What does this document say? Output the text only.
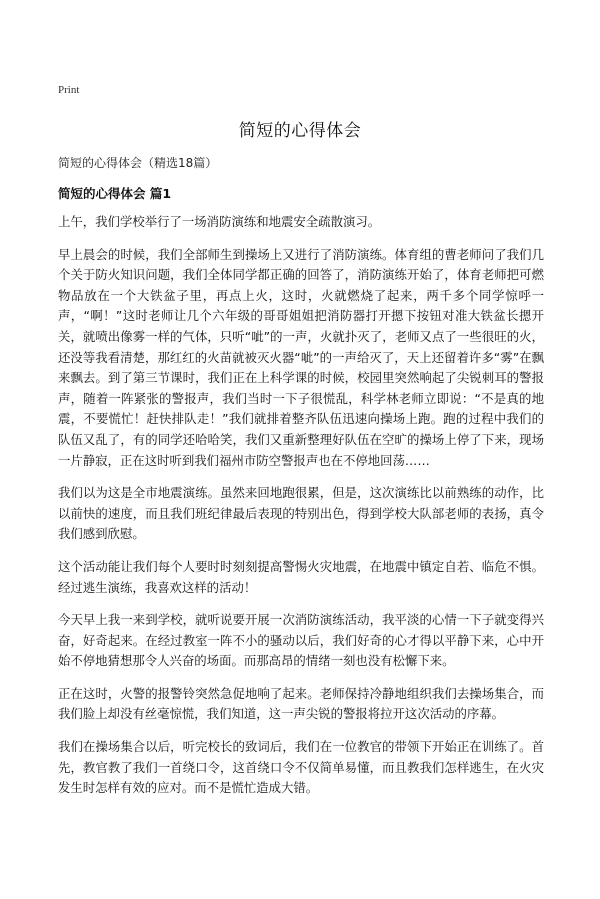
Print
简短的心得体会
简短的心得体会（精选18篇）
简短的心得体会 篇1

上午，我们学校举行了一场消防演练和地震安全疏散演习。

早上晨会的时候，我们全部师生到操场上又进行了消防演练。体育组的曹老师问了我们几个关于防火知识问题，我们全体同学都正确的回答了，消防演练开始了，体育老师把可燃物品放在一个大铁盆子里，再点上火，这时，火就燃烧了起来，两千多个同学惊呼一声，“啊！”这时老师让几个六年级的哥哥姐姐把消防器打开摁下按钮对准大铁盆长摁开关，就喷出像雾一样的气体，只听“呲”的一声，火就扑灭了，老师又点了一些很旺的火，还没等我看清楚，那红红的火苗就被灭火器“呲”的一声给灭了，天上还留着许多“雾”在飘来飘去。到了第三节课时，我们正在上科学课的时候，校园里突然响起了尖锐刺耳的警报声，随着一阵紧张的警报声，我们当时一下子很慌乱，科学林老师立即说：“不是真的地震，不要慌忙！赶快排队走！”我们就排着整齐队伍迅速向操场上跑。跑的过程中我们的队伍又乱了，有的同学还哈哈笑，我们又重新整理好队伍在空旷的操场上停了下来，现场一片静寂，正在这时听到我们福州市防空警报声也在不停地回荡……

我们以为这是全市地震演练。虽然来回地跑很累，但是，这次演练比以前熟练的动作，比以前快的速度，而且我们班纪律最后表现的特别出色，得到学校大队部老师的表扬，真令我们感到欣慰。

这个活动能让我们每个人要时时刻刻提高警惕火灾地震，在地震中镇定自若、临危不惧。经过逃生演练，我喜欢这样的活动！

今天早上我一来到学校，就听说要开展一次消防演练活动，我平淡的心情一下子就变得兴奋，好奇起来。在经过教室一阵不小的骚动以后，我们好奇的心才得以平静下来，心中开始不停地猜想那令人兴奋的场面。而那高昂的情绪一刻也没有松懈下来。

正在这时，火警的报警铃突然急促地响了起来。老师保持冷静地组织我们去操场集合，而我们脸上却没有丝毫惊慌，我们知道，这一声尖锐的警报将拉开这次活动的序幕。

我们在操场集合以后，听完校长的致词后，我们在一位教官的带领下开始正在训练了。首先，教官教了我们一首绕口令，这首绕口令不仅简单易懂，而且教我们怎样逃生，在火灾发生时怎样有效的应对。而不是慌忙造成大错。
